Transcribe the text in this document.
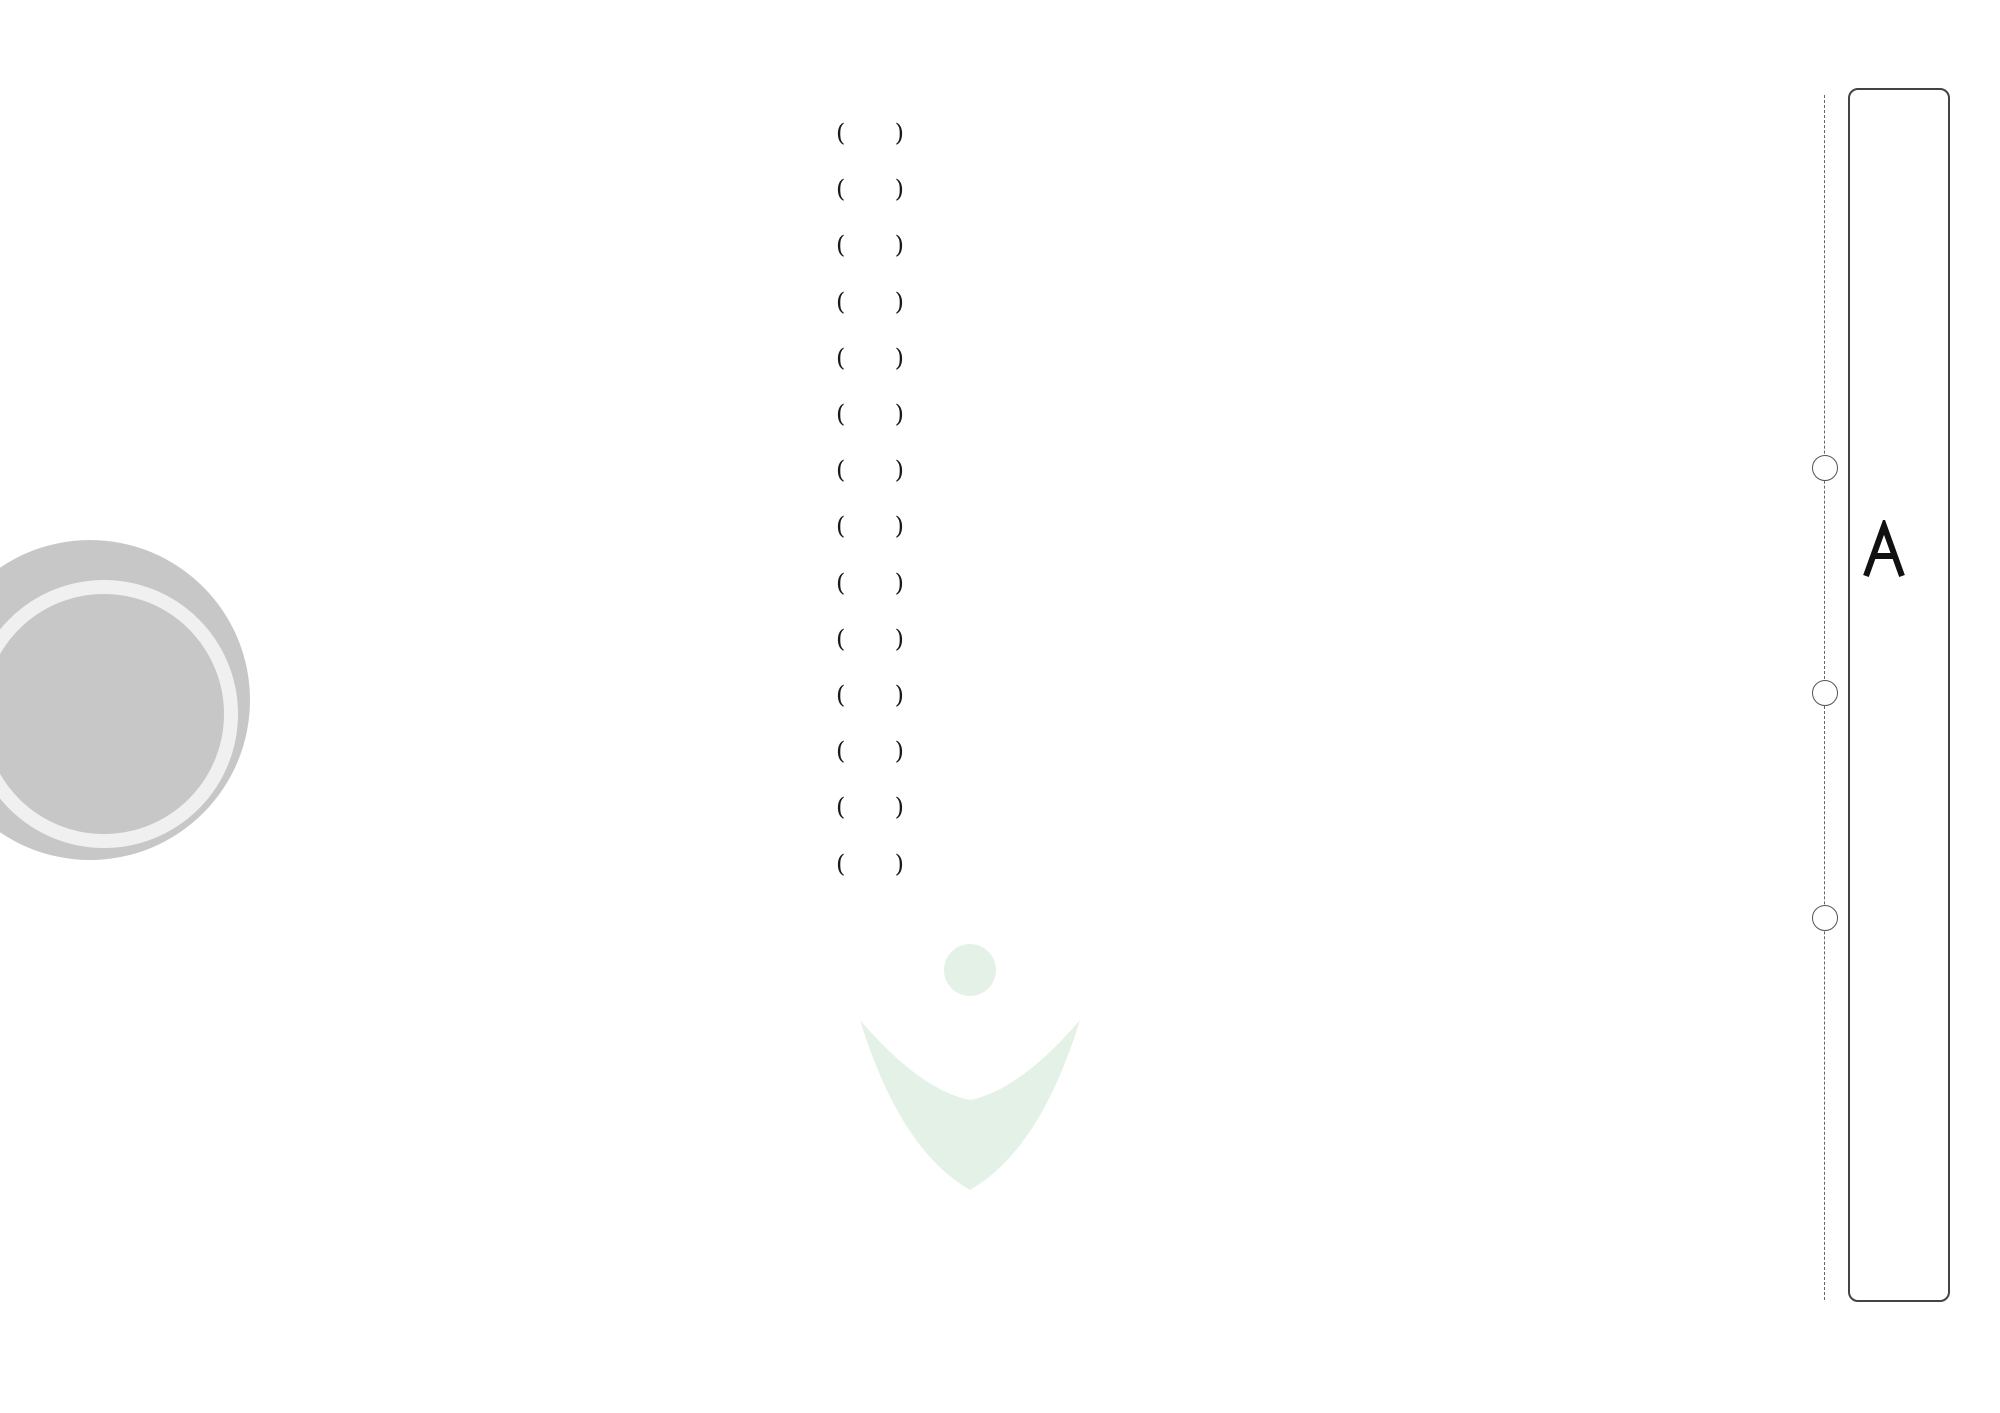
(  )
(  )
(  )
(  )
(  )
(  )
(  )
(  )
(  )
(  )
(  )
(  )
(  )
(  )
